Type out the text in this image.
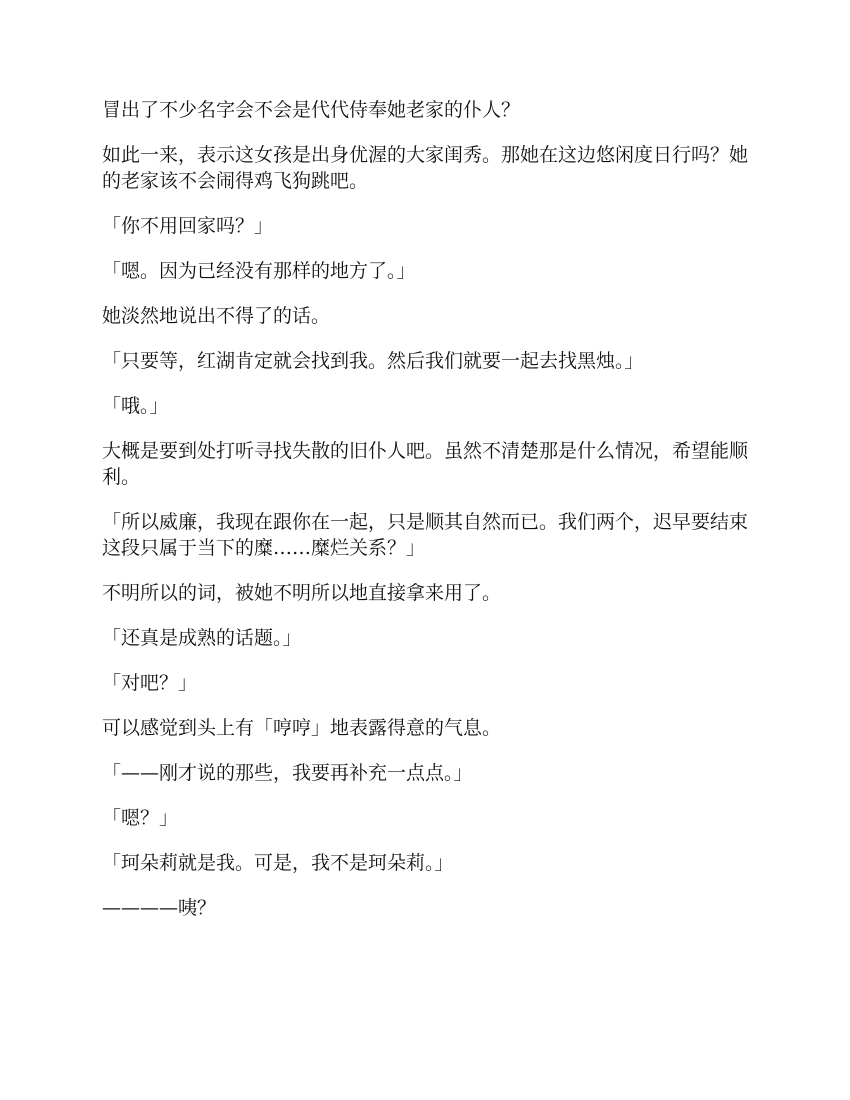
冒出了不少名字会不会是代代侍奉她老家的仆人？

如此一来，表示这女孩是出身优渥的大家闺秀。那她在这边悠闲度日行吗？她的老家该不会闹得鸡飞狗跳吧。

「你不用回家吗？」

「嗯。因为已经没有那样的地方了。」

她淡然地说出不得了的话。

「只要等，红湖肯定就会找到我。然后我们就要一起去找黑烛。」

「哦。」

大概是要到处打听寻找失散的旧仆人吧。虽然不清楚那是什么情况，希望能顺利。

「所以威廉，我现在跟你在一起，只是顺其自然而已。我们两个，迟早要结束这段只属于当下的糜……糜烂关系？」

不明所以的词，被她不明所以地直接拿来用了。

「还真是成熟的话题。」

「对吧？」

可以感觉到头上有「哼哼」地表露得意的气息。

「——刚才说的那些，我要再补充一点点。」

「嗯？」

「珂朵莉就是我。可是，我不是珂朵莉。」

————咦？
